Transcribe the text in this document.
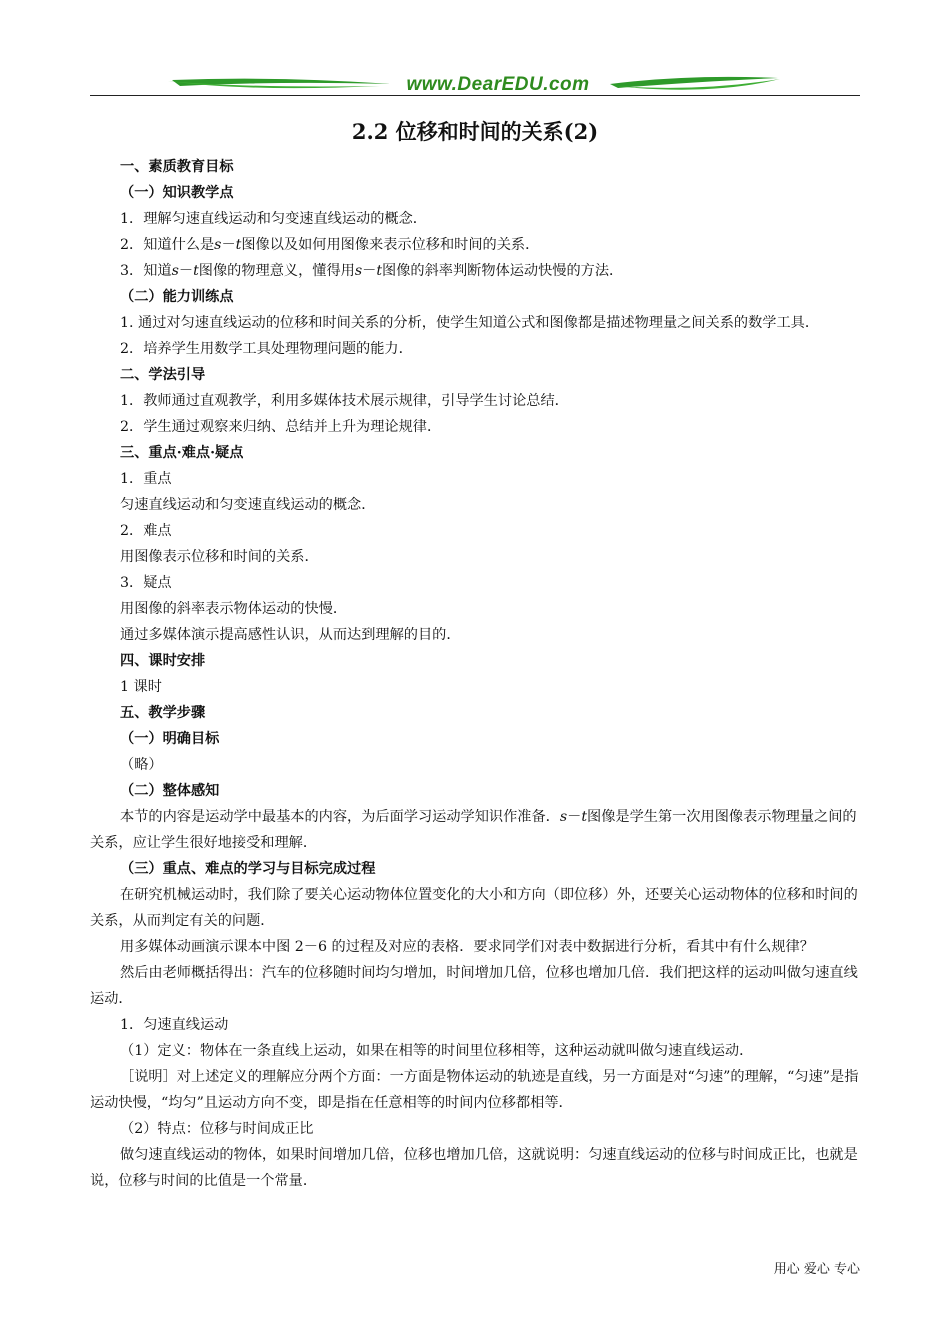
www.DearEDU.com
2.2 位移和时间的关系(2)

一、素质教育目标

（一）知识教学点

1．理解匀速直线运动和匀变速直线运动的概念．

2．知道什么是s－t图像以及如何用图像来表示位移和时间的关系．

3．知道s－t图像的物理意义，懂得用s－t图像的斜率判断物体运动快慢的方法．

（二）能力训练点

1. 通过对匀速直线运动的位移和时间关系的分析，使学生知道公式和图像都是描述物理量之间关系的数学工具．

2．培养学生用数学工具处理物理问题的能力．

二、学法引导

1．教师通过直观教学，利用多媒体技术展示规律，引导学生讨论总结．

2．学生通过观察来归纳、总结并上升为理论规律．

三、重点·难点·疑点

1．重点

匀速直线运动和匀变速直线运动的概念．

2．难点

用图像表示位移和时间的关系．

3．疑点

用图像的斜率表示物体运动的快慢．

通过多媒体演示提高感性认识，从而达到理解的目的．

四、课时安排

1 课时

五、教学步骤

（一）明确目标

（略）

（二）整体感知

本节的内容是运动学中最基本的内容，为后面学习运动学知识作准备．s－t图像是学生第一次用图像表示物理量之间的关系，应让学生很好地接受和理解．

（三）重点、难点的学习与目标完成过程

在研究机械运动时，我们除了要关心运动物体位置变化的大小和方向（即位移）外，还要关心运动物体的位移和时间的关系，从而判定有关的问题．

用多媒体动画演示课本中图 2－6 的过程及对应的表格．要求同学们对表中数据进行分析，看其中有什么规律？

然后由老师概括得出：汽车的位移随时间均匀增加，时间增加几倍，位移也增加几倍．我们把这样的运动叫做匀速直线运动．

1．匀速直线运动

（1）定义：物体在一条直线上运动，如果在相等的时间里位移相等，这种运动就叫做匀速直线运动．

［说明］对上述定义的理解应分两个方面：一方面是物体运动的轨迹是直线，另一方面是对“匀速”的理解，“匀速”是指运动快慢，“均匀”且运动方向不变，即是指在任意相等的时间内位移都相等．

（2）特点：位移与时间成正比

做匀速直线运动的物体，如果时间增加几倍，位移也增加几倍，这就说明：匀速直线运动的位移与时间成正比，也就是说，位移与时间的比值是一个常量．

用心 爱心 专心
